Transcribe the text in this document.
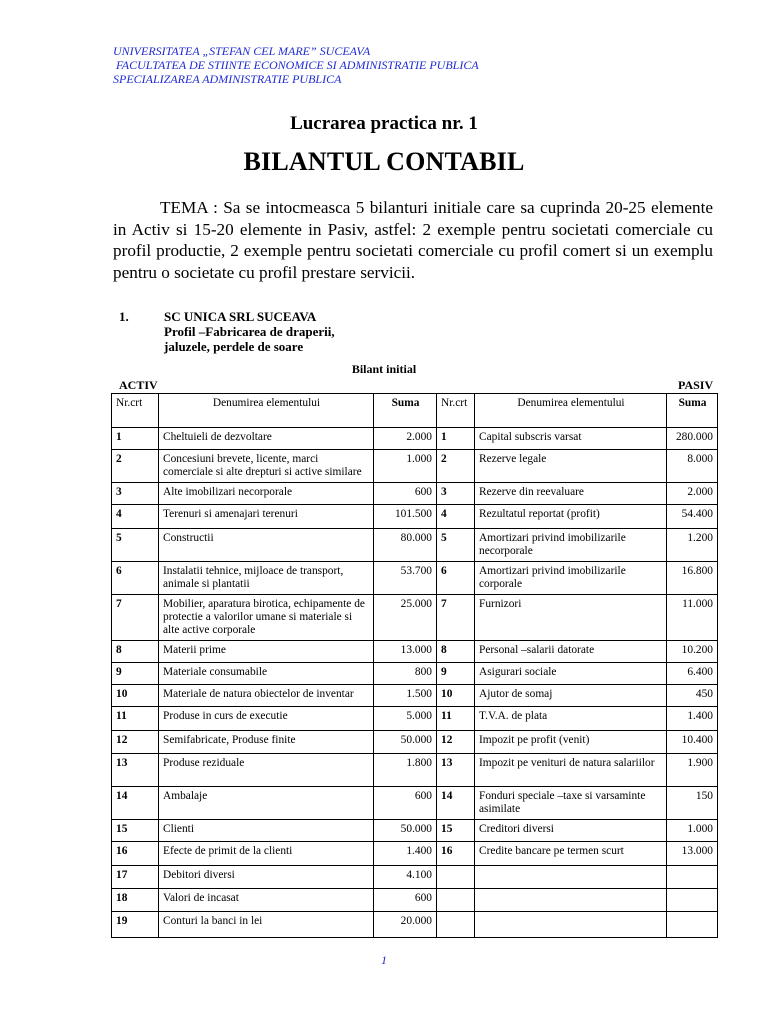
UNIVERSITATEA „STEFAN CEL MARE” SUCEAVA
FACULTATEA DE STIINTE ECONOMICE SI ADMINISTRATIE PUBLICA
SPECIALIZAREA ADMINISTRATIE PUBLICA
Lucrarea practica nr. 1
BILANTUL CONTABIL

TEMA : Sa se intocmeasca 5 bilanturi initiale care sa cuprinda 20-25 elemente in Activ si 15-20 elemente in Pasiv, astfel: 2 exemple pentru societati comerciale cu profil productie, 2 exemple pentru societati comerciale cu profil comert si un exemplu pentru o societate cu profil prestare servicii.

1.	SC UNICA SRL SUCEAVA
Profil –Fabricarea de draperii,
jaluzele, perdele de soare
Bilant initial
ACTIV	PASIV
Nr.crt	Denumirea elementului	Suma	Nr.crt	Denumirea elementului	Suma
1	Cheltuieli de dezvoltare	2.000	1	Capital subscris varsat	280.000
2	Concesiuni brevete, licente, marci comerciale si alte drepturi si active similare	1.000	2	Rezerve legale	8.000
3	Alte imobilizari necorporale	600	3	Rezerve din reevaluare	2.000
4	Terenuri si amenajari terenuri	101.500	4	Rezultatul reportat (profit)	54.400
5	Constructii	80.000	5	Amortizari privind imobilizarile necorporale	1.200
6	Instalatii tehnice, mijloace de transport, animale si plantatii	53.700	6	Amortizari privind imobilizarile corporale	16.800
7	Mobilier, aparatura birotica, echipamente de protectie a valorilor umane si materiale si alte active corporale	25.000	7	Furnizori	11.000
8	Materii prime	13.000	8	Personal –salarii datorate	10.200
9	Materiale consumabile	800	9	Asigurari sociale	6.400
10	Materiale de natura obiectelor de inventar	1.500	10	Ajutor de somaj	450
11	Produse in curs de executie	5.000	11	T.V.A. de plata	1.400
12	Semifabricate, Produse finite	50.000	12	Impozit pe profit (venit)	10.400
13	Produse reziduale	1.800	13	Impozit pe venituri de natura salariilor	1.900
14	Ambalaje	600	14	Fonduri speciale –taxe si varsaminte asimilate	150
15	Clienti	50.000	15	Creditori diversi	1.000
16	Efecte de primit de la clienti	1.400	16	Credite bancare pe termen scurt	13.000
17	Debitori diversi	4.100			
18	Valori de incasat	600			
19	Conturi la banci in lei	20.000			
1
